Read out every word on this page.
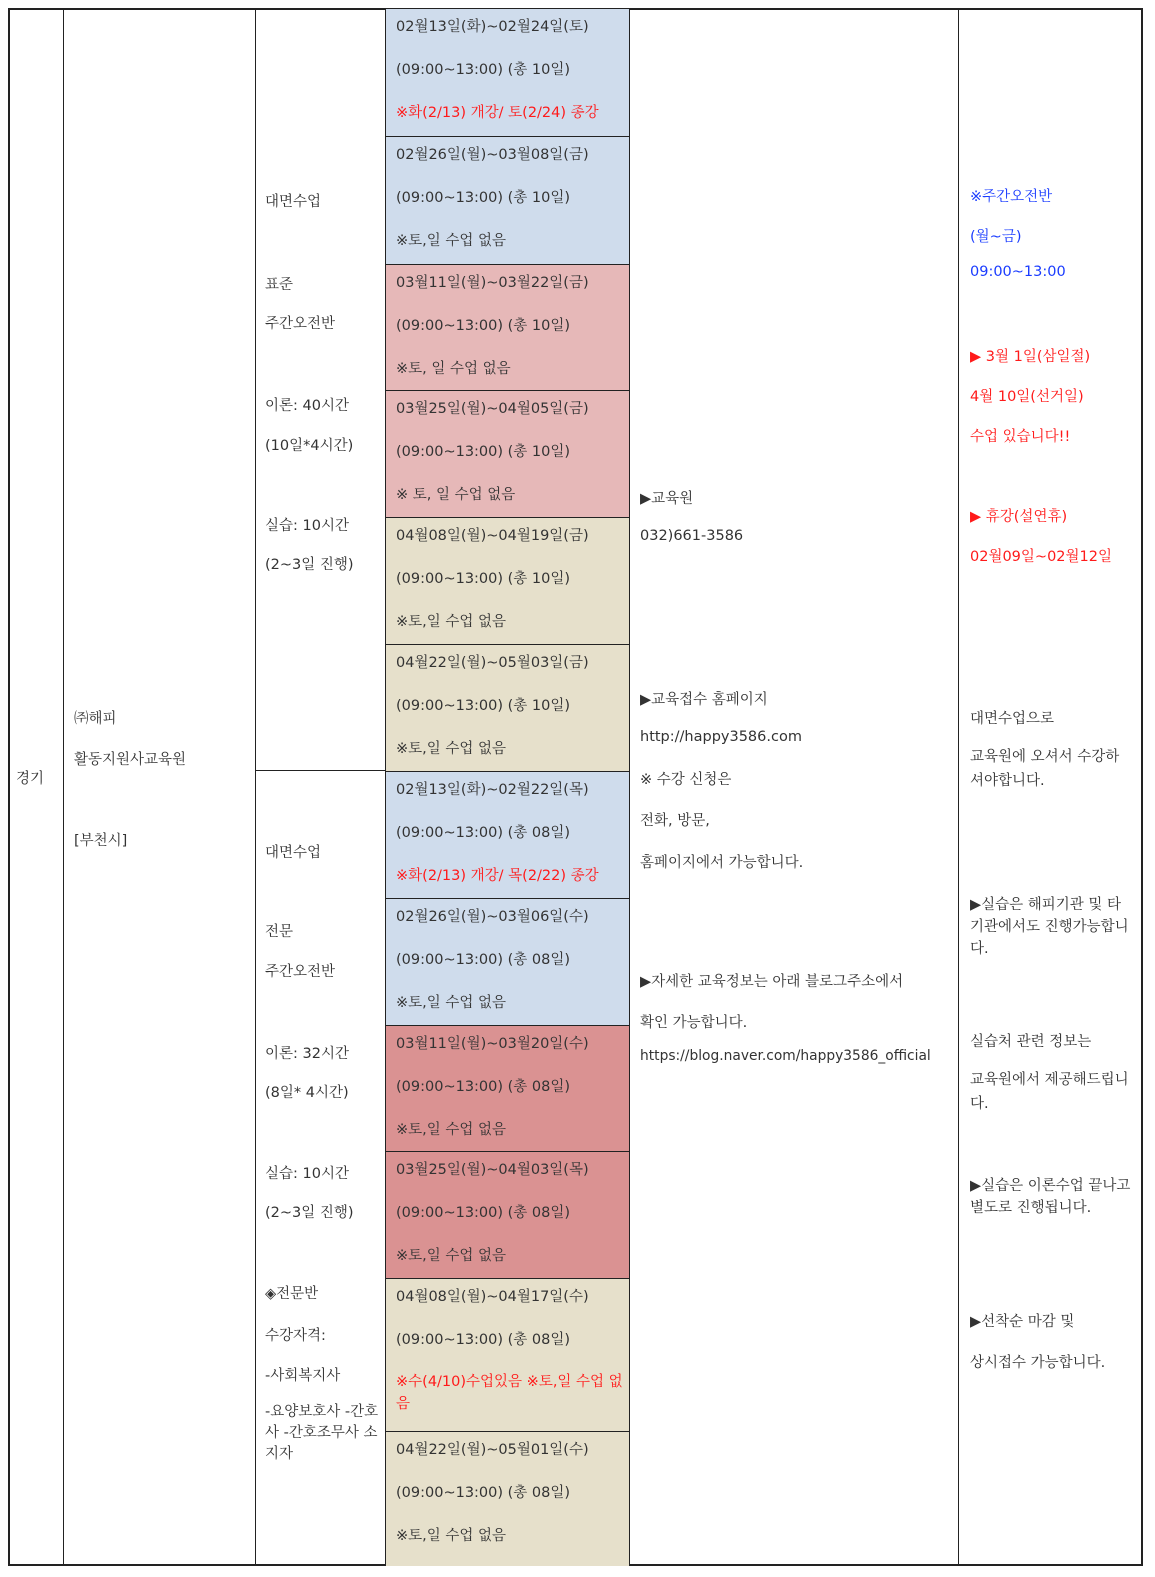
경기
㈜해피
활동지원사교육원
[부천시]
대면수업
표준
주간오전반
이론: 40시간
(10일*4시간)
실습: 10시간
(2~3일 진행)
대면수업
전문
주간오전반
이론: 32시간
(8일* 4시간)
실습: 10시간
(2~3일 진행)
◈전문반
수강자격:
-사회복지사
-요양보호사 -간호사 -간호조무사 소지자
02월13일(화)~02월24일(토)
(09:00~13:00) (총 10일)
※화(2/13) 개강/ 토(2/24) 종강
02월26일(월)~03월08일(금)
(09:00~13:00) (총 10일)
※토,일 수업 없음
03월11일(월)~03월22일(금)
(09:00~13:00) (총 10일)
※토, 일 수업 없음
03월25일(월)~04월05일(금)
(09:00~13:00) (총 10일)
※ 토, 일 수업 없음
04월08일(월)~04월19일(금)
(09:00~13:00) (총 10일)
※토,일 수업 없음
04월22일(월)~05월03일(금)
(09:00~13:00) (총 10일)
※토,일 수업 없음
02월13일(화)~02월22일(목)
(09:00~13:00) (총 08일)
※화(2/13) 개강/ 목(2/22) 종강
02월26일(월)~03월06일(수)
(09:00~13:00) (총 08일)
※토,일 수업 없음
03월11일(월)~03월20일(수)
(09:00~13:00) (총 08일)
※토,일 수업 없음
03월25일(월)~04월03일(목)
(09:00~13:00) (총 08일)
※토,일 수업 없음
04월08일(월)~04월17일(수)
(09:00~13:00) (총 08일)
※수(4/10)수업있음 ※토,일 수업 없음
04월22일(월)~05월01일(수)
(09:00~13:00) (총 08일)
※토,일 수업 없음
▶교육원
032)661-3586
▶교육접수 홈페이지
http://happy3586.com
※ 수강 신청은
전화, 방문,
홈페이지에서 가능합니다.
▶자세한 교육정보는 아래 블로그주소에서
확인 가능합니다.
https://blog.naver.com/happy3586_official
※주간오전반
(월~금)
09:00~13:00
▶ 3월 1일(삼일절)
4월 10일(선거일)
수업 있습니다!!
▶ 휴강(설연휴)
02월09일~02월12일
대면수업으로
교육원에 오셔서 수강하셔야합니다.
▶실습은 해피기관 및 타기관에서도 진행가능합니다.
실습처 관련 정보는
교육원에서 제공해드립니다.
▶실습은 이론수업 끝나고 별도로 진행됩니다.
▶선착순 마감 및
상시접수 가능합니다.
